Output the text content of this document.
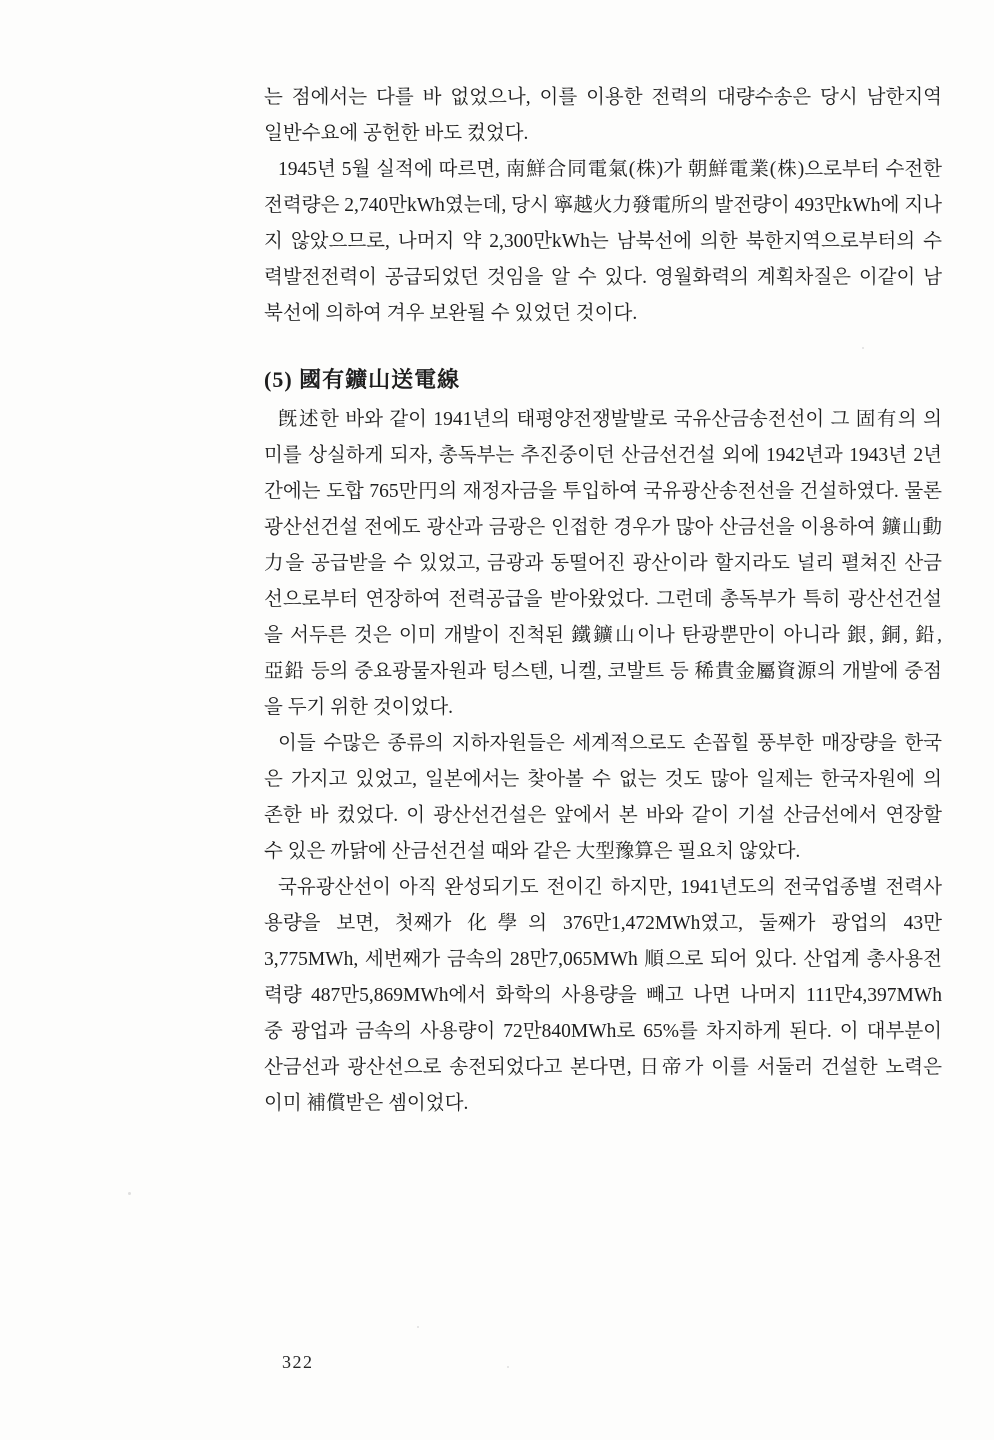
는 점에서는 다를 바 없었으나, 이를 이용한 전력의 대량수송은 당시 남한지역
일반수요에 공헌한 바도 컸었다.
1945년 5월 실적에 따르면, 南鮮合同電氣(株)가 朝鮮電業(株)으로부터 수전한
전력량은 2,740만kWh였는데, 당시 寧越火力發電所의 발전량이 493만kWh에 지나
지 않았으므로, 나머지 약 2,300만kWh는 남북선에 의한 북한지역으로부터의 수
력발전전력이 공급되었던 것임을 알 수 있다. 영월화력의 계획차질은 이같이 남
북선에 의하여 겨우 보완될 수 있었던 것이다.
(5) 國有鑛山送電線
旣述한 바와 같이 1941년의 태평양전쟁발발로 국유산금송전선이 그 固有의 의
미를 상실하게 되자, 총독부는 추진중이던 산금선건설 외에 1942년과 1943년 2년
간에는 도합 765만円의 재정자금을 투입하여 국유광산송전선을 건설하였다. 물론
광산선건설 전에도 광산과 금광은 인접한 경우가 많아 산금선을 이용하여 鑛山動
力을 공급받을 수 있었고, 금광과 동떨어진 광산이라 할지라도 널리 펼쳐진 산금
선으로부터 연장하여 전력공급을 받아왔었다. 그런데 총독부가 특히 광산선건설
을 서두른 것은 이미 개발이 진척된 鐵鑛山이나 탄광뿐만이 아니라 銀, 銅, 鉛,
亞鉛 등의 중요광물자원과 텅스텐, 니켈, 코발트 등 稀貴金屬資源의 개발에 중점
을 두기 위한 것이었다.
이들 수많은 종류의 지하자원들은 세계적으로도 손꼽힐 풍부한 매장량을 한국
은 가지고 있었고, 일본에서는 찾아볼 수 없는 것도 많아 일제는 한국자원에 의
존한 바 컸었다. 이 광산선건설은 앞에서 본 바와 같이 기설 산금선에서 연장할
수 있은 까닭에 산금선건설 때와 같은 大型豫算은 필요치 않았다.
국유광산선이 아직 완성되기도 전이긴 하지만, 1941년도의 전국업종별 전력사
용량을 보면, 첫째가 化學의 376만1,472MWh였고, 둘째가 광업의 43만
3,775MWh, 세번째가 금속의 28만7,065MWh 順으로 되어 있다. 산업계 총사용전
력량 487만5,869MWh에서 화학의 사용량을 빼고 나면 나머지 111만4,397MWh
중 광업과 금속의 사용량이 72만840MWh로 65%를 차지하게 된다. 이 대부분이
산금선과 광산선으로 송전되었다고 본다면, 日帝가 이를 서둘러 건설한 노력은
이미 補償받은 셈이었다.
322
